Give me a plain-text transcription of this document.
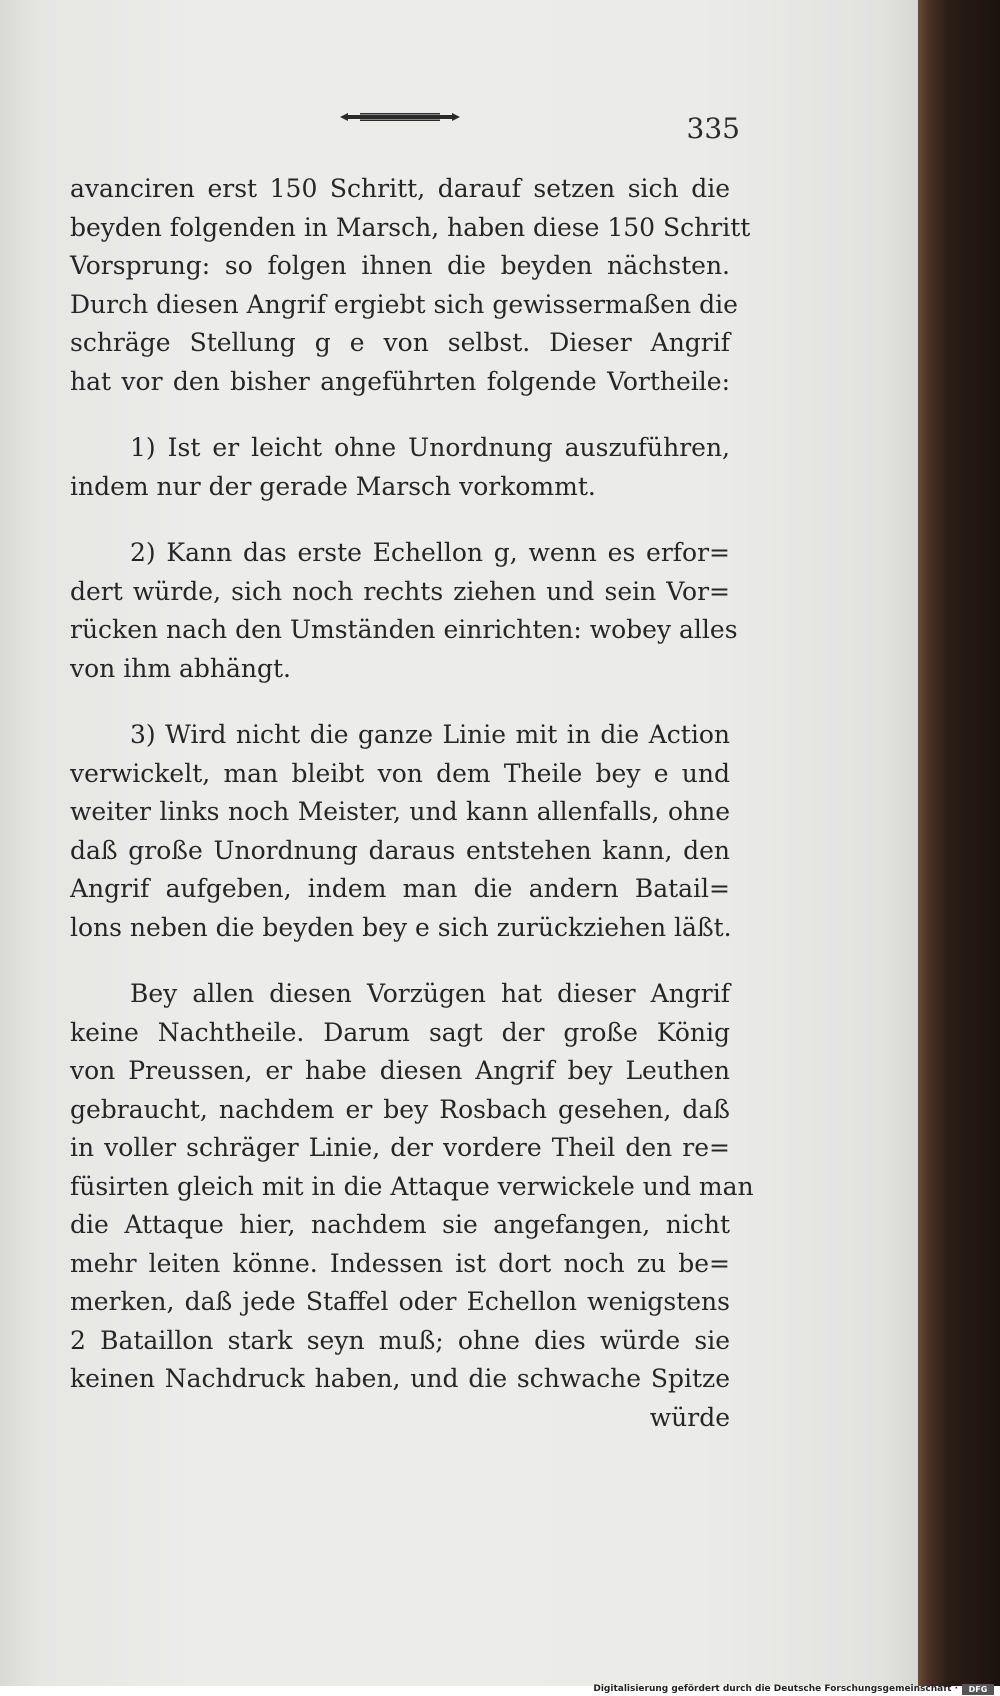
335
avanciren erst 150 Schritt, darauf setzen sich die
beyden folgenden in Marsch, haben diese 150 Schritt
Vorsprung: so folgen ihnen die beyden nächsten.
Durch diesen Angrif ergiebt sich gewissermaßen die
schräge Stellung g e von selbst. Dieser Angrif
hat vor den bisher angeführten folgende Vortheile:
1) Ist er leicht ohne Unordnung auszuführen,
indem nur der gerade Marsch vorkommt.
2) Kann das erste Echellon g, wenn es erfor=
dert würde, sich noch rechts ziehen und sein Vor=
rücken nach den Umständen einrichten: wobey alles
von ihm abhängt.
3) Wird nicht die ganze Linie mit in die Action
verwickelt, man bleibt von dem Theile bey e und
weiter links noch Meister, und kann allenfalls, ohne
daß große Unordnung daraus entstehen kann, den
Angrif aufgeben, indem man die andern Batail=
lons neben die beyden bey e sich zurückziehen läßt.
Bey allen diesen Vorzügen hat dieser Angrif
keine Nachtheile. Darum sagt der große König
von Preussen, er habe diesen Angrif bey Leuthen
gebraucht, nachdem er bey Rosbach gesehen, daß
in voller schräger Linie, der vordere Theil den re=
füsirten gleich mit in die Attaque verwickele und man
die Attaque hier, nachdem sie angefangen, nicht
mehr leiten könne. Indessen ist dort noch zu be=
merken, daß jede Staffel oder Echellon wenigstens
2 Bataillon stark seyn muß; ohne dies würde sie
keinen Nachdruck haben, und die schwache Spitze
würde
Digitalisierung gefördert durch die Deutsche Forschungsgemeinschaft ·	DFG
